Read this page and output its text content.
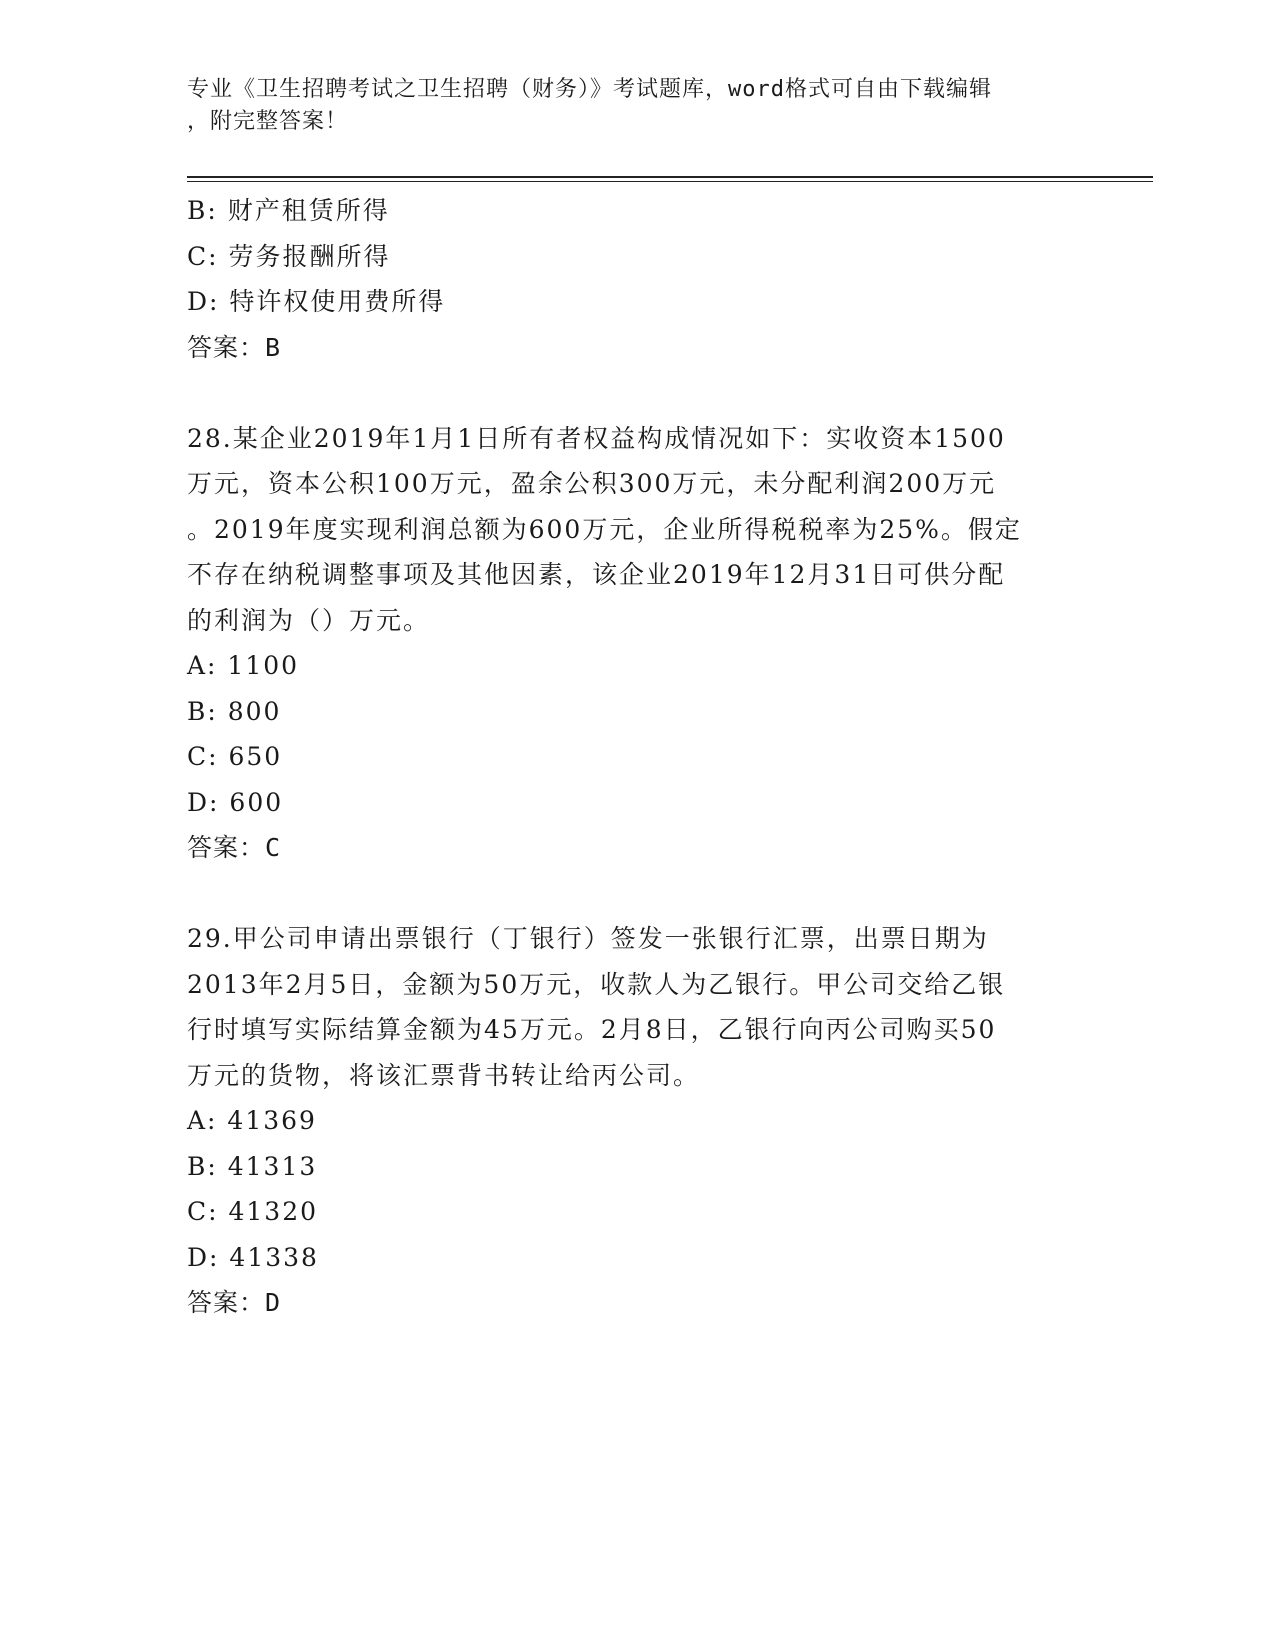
专业《卫生招聘考试之卫生招聘（财务）》考试题库，word格式可自由下载编辑
，附完整答案！

B: 财产租赁所得

C: 劳务报酬所得

D: 特许权使用费所得

答案：B

28.某企业2019年1月1日所有者权益构成情况如下：实收资本1500

万元，资本公积100万元，盈余公积300万元，未分配利润200万元

。2019年度实现利润总额为600万元，企业所得税税率为25%。假定

不存在纳税调整事项及其他因素，该企业2019年12月31日可供分配

的利润为（）万元。

A: 1100

B: 800

C: 650

D: 600

答案：C

29.甲公司申请出票银行（丁银行）签发一张银行汇票，出票日期为

2013年2月5日，金额为50万元，收款人为乙银行。甲公司交给乙银

行时填写实际结算金额为45万元。2月8日，乙银行向丙公司购买50

万元的货物，将该汇票背书转让给丙公司。

A: 41369

B: 41313

C: 41320

D: 41338

答案：D
